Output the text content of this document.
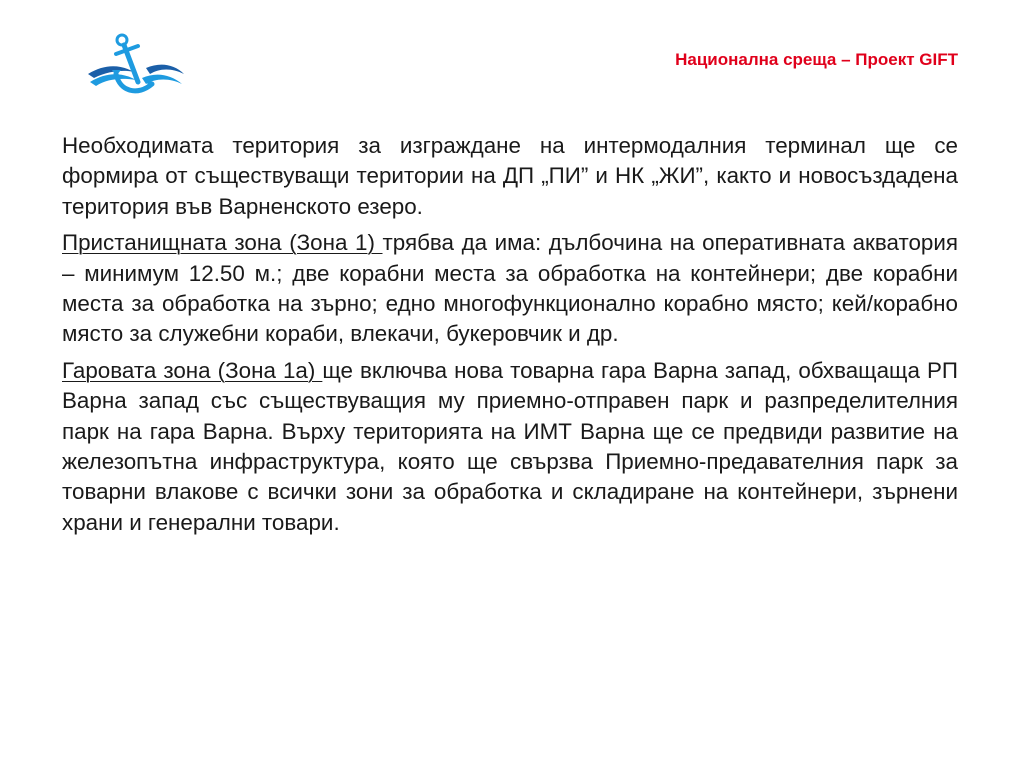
Национална среща – Проект GIFT

Необходимата територия за изграждане на интермодалния терминал ще се формира от съществуващи територии на ДП „ПИ” и НК „ЖИ”, както и новосъздадена територия във Варненското езеро.

Пристанищната зона (Зона 1) трябва да има: дълбочина на оперативната акватория – минимум 12.50 м.; две корабни места за обработка на контейнери; две корабни места за обработка на зърно; едно многофункционално корабно място; кей/корабно място за служебни кораби, влекачи, букеровчик и др.

Гаровата зона (Зона 1а) ще включва нова товарна гара Варна запад, обхващаща РП Варна запад със съществуващия му приемно-отправен парк и разпределителния парк на гара Варна. Върху територията на ИМТ Варна ще се предвиди развитие на железопътна инфраструктура, която ще свързва Приемно-предавателния парк за товарни влакове с всички зони за обработка и складиране на контейнери, зърнени храни и генерални товари.
